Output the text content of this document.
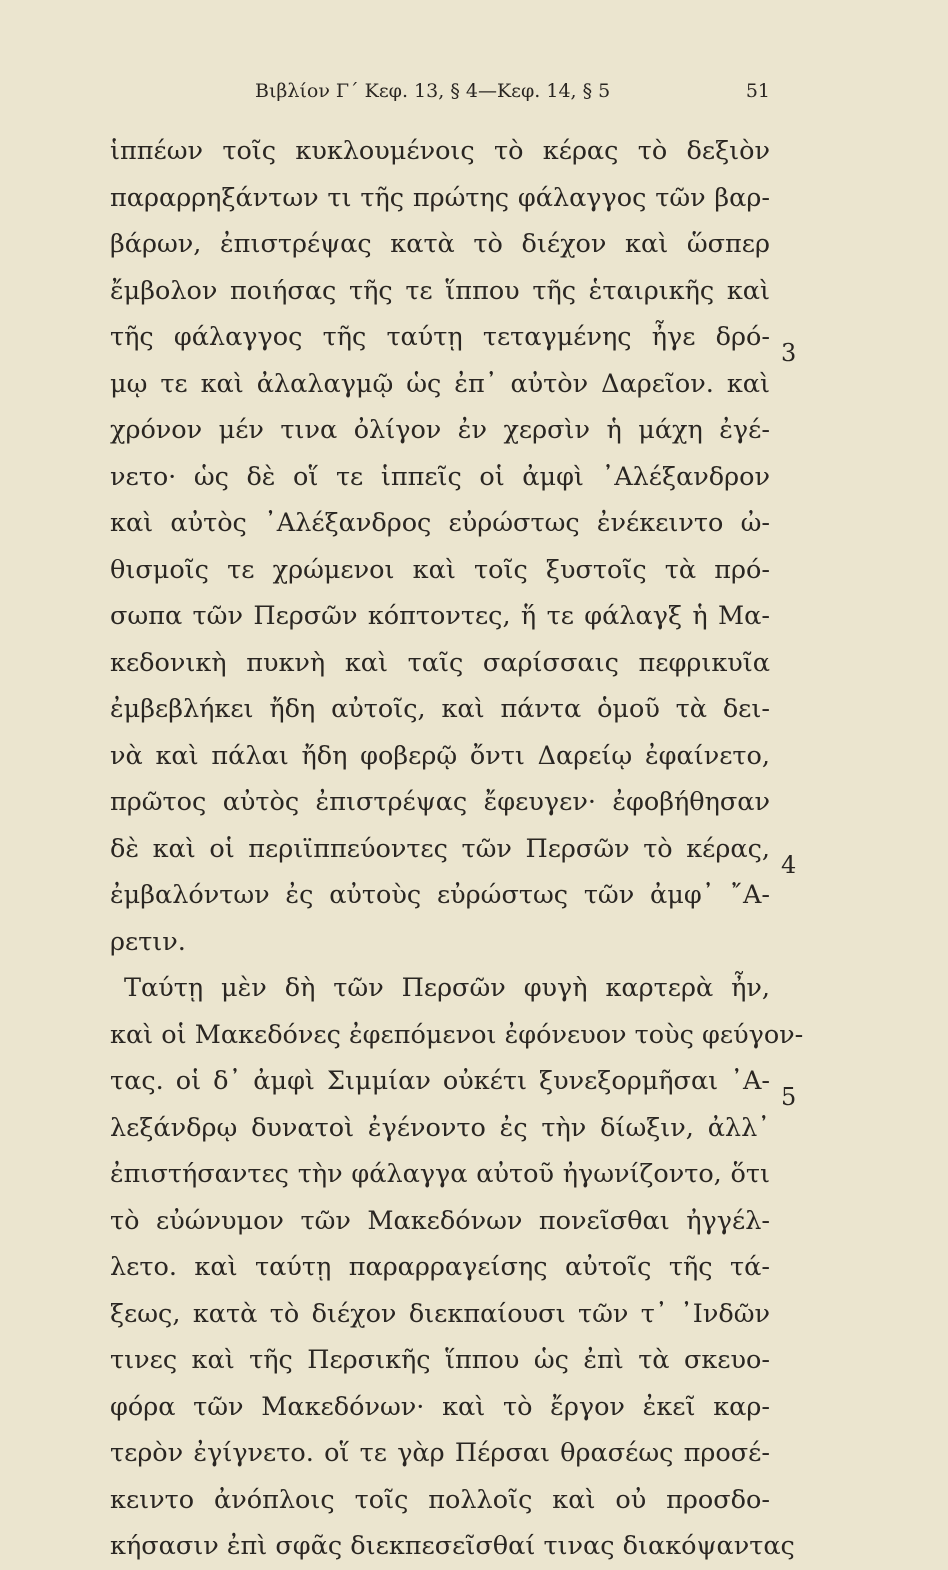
Βιβλίον Γ΄ Κεφ. 13, § 4—Κεφ. 14, § 5	51
ἱππέων τοῖς κυκλουμένοις τὸ κέρας τὸ δεξιὸν
παραρρηξάντων τι τῆς πρώτης φάλαγγος τῶν βαρ-
βάρων, ἐπιστρέψας κατὰ τὸ διέχον καὶ ὥσπερ
ἔμβολον ποιήσας τῆς τε ἵππου τῆς ἑταιρικῆς καὶ
τῆς φάλαγγος τῆς ταύτῃ τεταγμένης ἦγε δρό-
μῳ τε καὶ ἀλαλαγμῷ ὡς ἐπ᾽ αὐτὸν Δαρεῖον. καὶ
χρόνον μέν τινα ὀλίγον ἐν χερσὶν ἡ μάχη ἐγέ-
νετο· ὡς δὲ οἵ τε ἱππεῖς οἱ ἀμφὶ ᾿Αλέξανδρον
καὶ αὐτὸς ᾿Αλέξανδρος εὐρώστως ἐνέκειντο ὠ-
θισμοῖς τε χρώμενοι καὶ τοῖς ξυστοῖς τὰ πρό-
σωπα τῶν Περσῶν κόπτοντες, ἥ τε φάλαγξ ἡ Μα-
κεδονικὴ πυκνὴ καὶ ταῖς σαρίσσαις πεφρικυῖα
ἐμβεβλήκει ἤδη αὐτοῖς, καὶ πάντα ὁμοῦ τὰ δει-
νὰ καὶ πάλαι ἤδη φοβερῷ ὄντι Δαρείῳ ἐφαίνετο,
πρῶτος αὐτὸς ἐπιστρέψας ἔφευγεν· ἐφοβήθησαν
δὲ καὶ οἱ περιϊππεύοντες τῶν Περσῶν τὸ κέρας,
ἐμβαλόντων ἐς αὐτοὺς εὐρώστως τῶν ἀμφ᾽ ῎Α-
ρετιν.
Ταύτῃ μὲν δὴ τῶν Περσῶν φυγὴ καρτερὰ ἦν,
καὶ οἱ Μακεδόνες ἐφεπόμενοι ἐφόνευον τοὺς φεύγον-
τας. οἱ δ᾽ ἀμφὶ Σιμμίαν οὐκέτι ξυνεξορμῆσαι ᾿Α-
λεξάνδρῳ δυνατοὶ ἐγένοντο ἐς τὴν δίωξιν, ἀλλ᾽
ἐπιστήσαντες τὴν φάλαγγα αὐτοῦ ἠγωνίζοντο, ὅτι
τὸ εὐώνυμον τῶν Μακεδόνων πονεῖσθαι ἠγγέλ-
λετο. καὶ ταύτῃ παραρραγείσης αὐτοῖς τῆς τά-
ξεως, κατὰ τὸ διέχον διεκπαίουσι τῶν τ᾽ ᾿Ινδῶν
τινες καὶ τῆς Περσικῆς ἵππου ὡς ἐπὶ τὰ σκευο-
φόρα τῶν Μακεδόνων· καὶ τὸ ἔργον ἐκεῖ καρ-
τερὸν ἐγίγνετο. οἵ τε γὰρ Πέρσαι θρασέως προσέ-
κειντο ἀνόπλοις τοῖς πολλοῖς καὶ οὐ προσδο-
κήσασιν ἐπὶ σφᾶς διεκπεσεῖσθαί τινας διακόψαντας
3
4
5
